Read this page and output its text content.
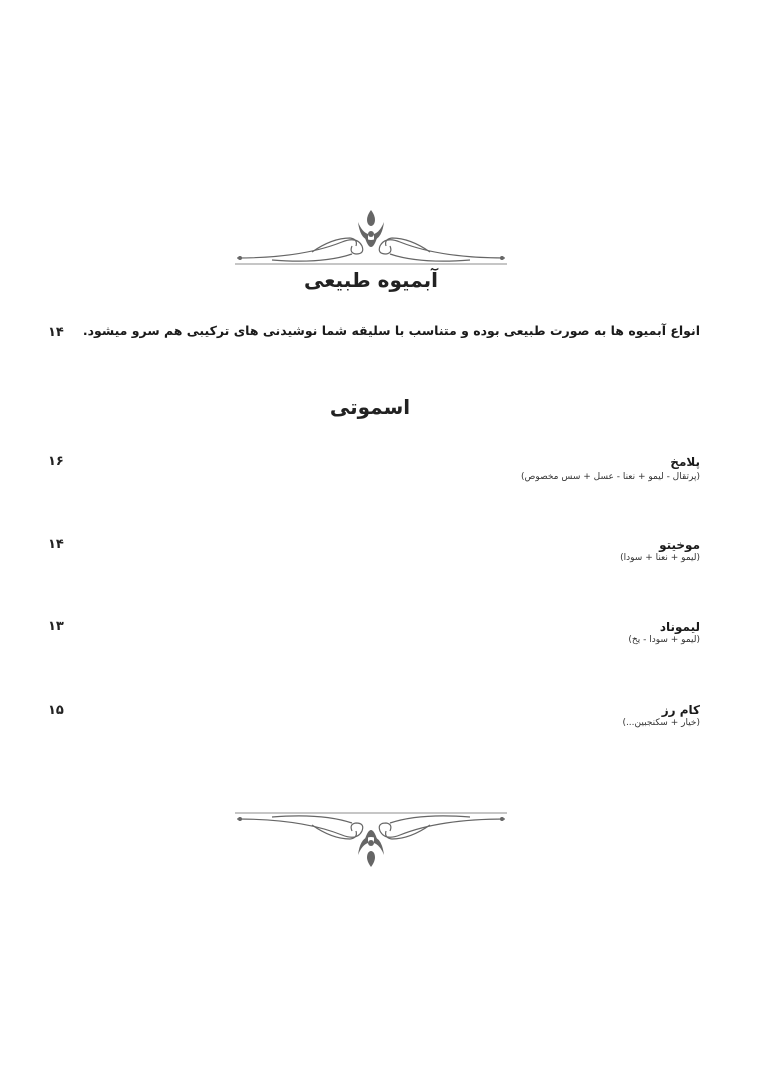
آبمیوه طبیعی
انواع آبمیوه ها به صورت طبیعی بوده و متناسب با سلیقه شما نوشیدنی های ترکیبی هم سرو میشود.
۱۴
اسموتی
پلامخ
(پرتقال - لیمو + نعنا - عسل + سس مخصوص)
۱۶
موخیتو
(لیمو + نعنا + سودا)
۱۴
لیموناد
(لیمو + سودا - یخ)
۱۳
کام رز
(خیار + سکنجبین...)
۱۵
